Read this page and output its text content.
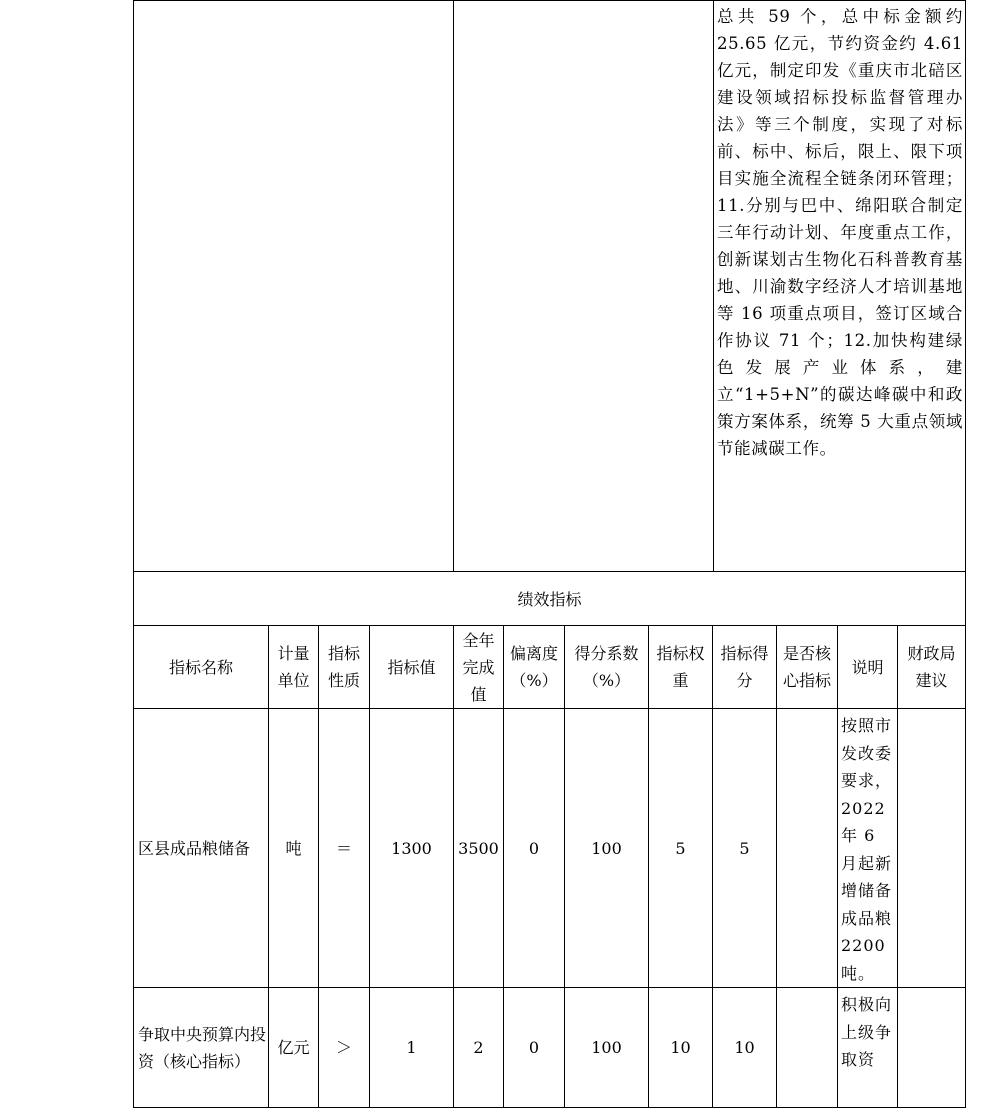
		总共 59 个，总中标金额约 25.65 亿元，节约资金约 4.61 亿元，制定印发《重庆市北碚区建设领域招标投标监督管理办法》等三个制度，实现了对标前、标中、标后，限上、限下项目实施全流程全链条闭环管理；11.分别与巴中、绵阳联合制定三年行动计划、年度重点工作，创新谋划古生物化石科普教育基地、川渝数字经济人才培训基地等 16 项重点项目，签订区域合作协议 71 个；12.加快构建绿色发展产业体系，建立“1+5+N”的碳达峰碳中和政策方案体系，统筹 5 大重点领域节能减碳工作。
绩效指标
指标名称	计量单位	指标性质	指标值	全年完成值	偏离度（%）	得分系数（%）	指标权重	指标得分	是否核心指标	说明	财政局建议
区县成品粮储备	吨	＝	1300	3500	0	100	5	5		按照市发改委要求，2022 年 6 月起新增储备成品粮 2200 吨。	
争取中央预算内投资（核心指标）	亿元	＞	1	2	0	100	10	10		积极向上级争取资	
